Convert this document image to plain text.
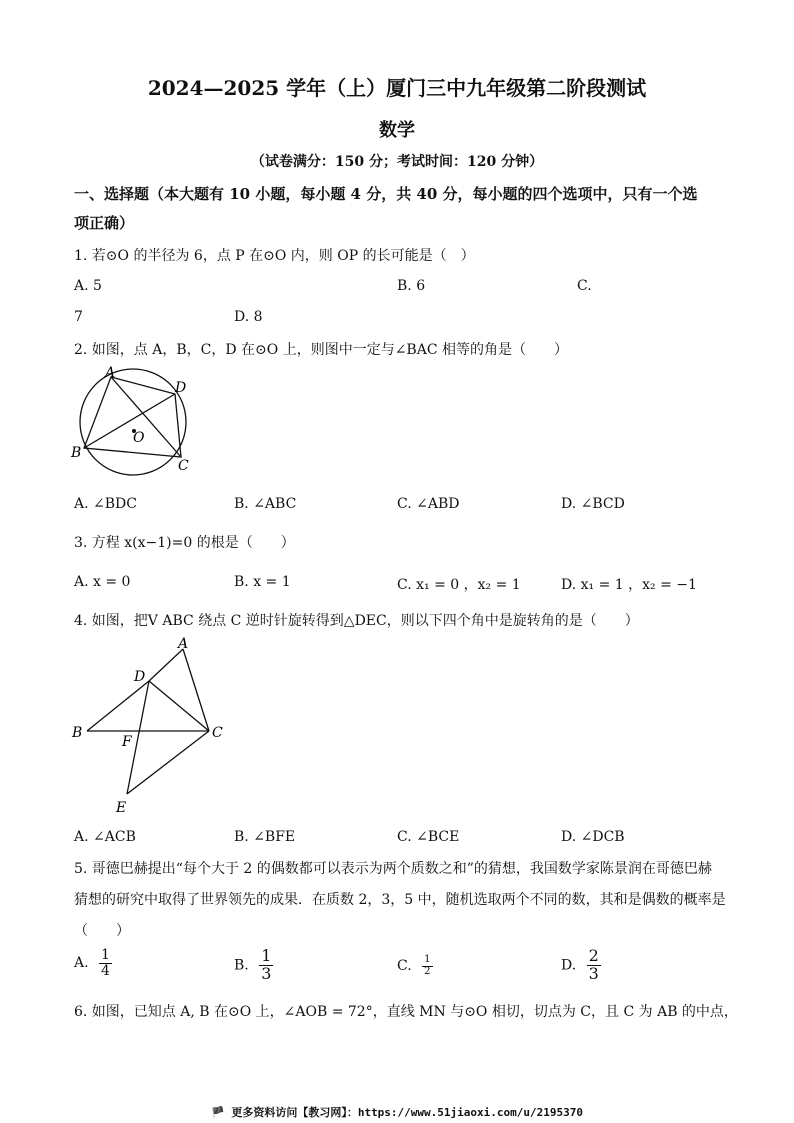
2024—2025 学年（上）厦门三中九年级第二阶段测试
数学
（试卷满分：150 分；考试时间：120 分钟）
一、选择题（本大题有 10 小题，每小题 4 分，共 40 分，每小题的四个选项中，只有一个选
项正确）
1. 若⊙O 的半径为 6，点 P 在⊙O 内，则 OP 的长可能是（　）
A. 5	B. 6	C.
7	D. 8
2. 如图，点 A，B，C，D 在⊙O 上，则图中一定与∠BAC 相等的角是（　　）
A
D
B
C
O
A. ∠BDC	B. ∠ABC	C. ∠ABD	D. ∠BCD
3. 方程 x(x−1)=0 的根是（　　）
A. x = 0	B. x = 1	C. x₁ = 0 ，x₂ = 1	D. x₁ = 1 ，x₂ = −1
4. 如图，把V ABC 绕点 C 逆时针旋转得到△DEC，则以下四个角中是旋转角的是（　　）
A
D
B
F
C
E
A. ∠ACB	B. ∠BFE	C. ∠BCE	D. ∠DCB
5. 哥德巴赫提出“每个大于 2 的偶数都可以表示为两个质数之和”的猜想，我国数学家陈景润在哥德巴赫
猜想的研究中取得了世界领先的成果．在质数 2，3，5 中，随机选取两个不同的数，其和是偶数的概率是
（　　）
A. $\frac{1}{4}$	B. $\frac{1}{3}$	C. $\frac{1}{2}$	D. $\frac{2}{3}$
6. 如图，已知点 A, B 在⊙O 上，∠AOB = 72°，直线 MN 与⊙O 相切，切点为 C，且 C 为 AB 的中点，
🏴 更多资料访问【教习网】：https://www.51jiaoxi.com/u/2195370
